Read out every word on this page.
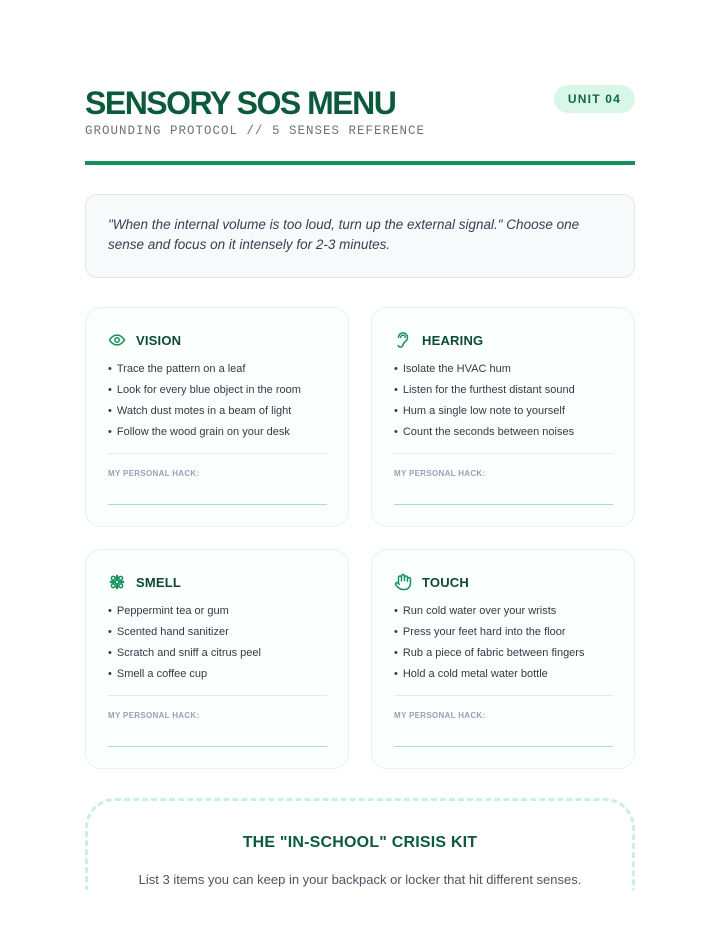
SENSORY SOS MENU
GROUNDING PROTOCOL // 5 SENSES REFERENCE
UNIT 04
"When the internal volume is too loud, turn up the external signal." Choose one sense and focus on it intensely for 2-3 minutes.
VISION
• Trace the pattern on a leaf
• Look for every blue object in the room
• Watch dust motes in a beam of light
• Follow the wood grain on your desk
MY PERSONAL HACK:
HEARING
• Isolate the HVAC hum
• Listen for the furthest distant sound
• Hum a single low note to yourself
• Count the seconds between noises
MY PERSONAL HACK:
SMELL
• Peppermint tea or gum
• Scented hand sanitizer
• Scratch and sniff a citrus peel
• Smell a coffee cup
MY PERSONAL HACK:
TOUCH
• Run cold water over your wrists
• Press your feet hard into the floor
• Rub a piece of fabric between fingers
• Hold a cold metal water bottle
MY PERSONAL HACK:
THE "IN-SCHOOL" CRISIS KIT
List 3 items you can keep in your backpack or locker that hit different senses.
